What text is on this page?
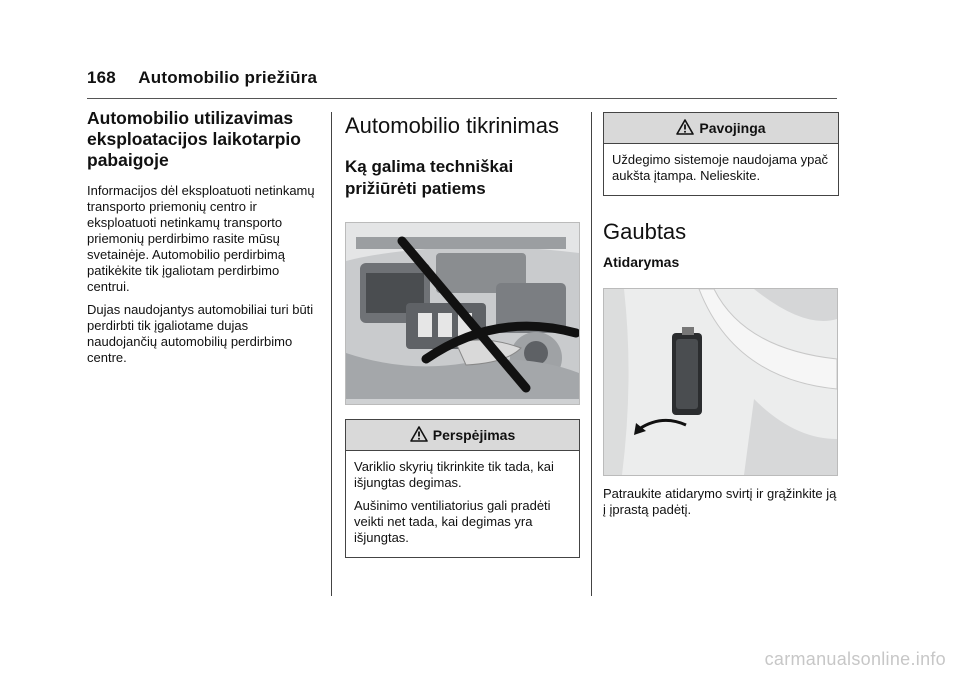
168 Automobilio priežiūra
Automobilio utilizavimas eksploatacijos laikotarpio pabaigoje

Informacijos dėl eksploatuoti netinkamų transporto priemonių centro ir eksploatuoti netinkamų transporto priemonių perdirbimo rasite mūsų svetainėje. Automobilio perdirbimą patikėkite tik įgaliotam perdirbimo centrui.

Dujas naudojantys automobiliai turi būti perdirbti tik įgaliotame dujas naudojančių automobilių perdirbimo centre.

Automobilio tikrinimas
Ką galima techniškai prižiūrėti patiems
Perspėjimas

Variklio skyrių tikrinkite tik tada, kai išjungtas degimas.

Aušinimo ventiliatorius gali pradėti veikti net tada, kai degimas yra išjungtas.

Pavojinga

Uždegimo sistemoje naudojama ypač aukšta įtampa. Nelieskite.

Gaubtas
Atidarymas

Patraukite atidarymo svirtį ir grąžinkite ją į įprastą padėtį.

carmanualsonline.info
